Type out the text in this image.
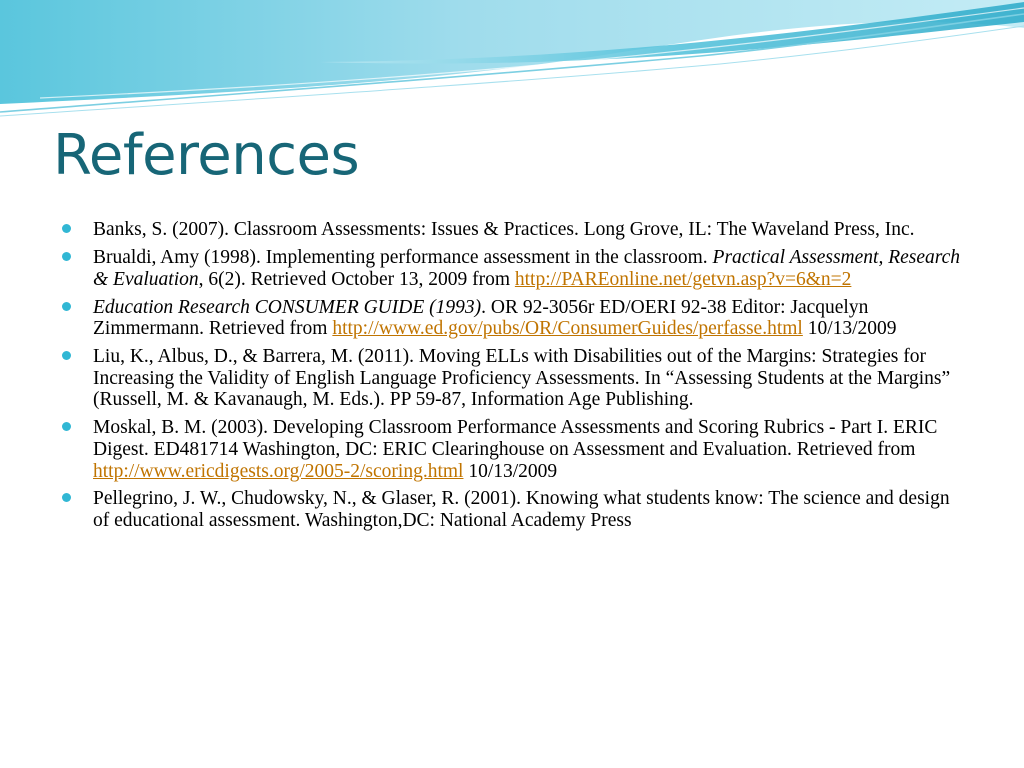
References
Banks, S. (2007). Classroom Assessments: Issues & Practices. Long Grove, IL: The Waveland Press, Inc.
Brualdi, Amy (1998). Implementing performance assessment in the classroom. Practical Assessment, Research & Evaluation, 6(2). Retrieved October 13, 2009 from http://PAREonline.net/getvn.asp?v=6&n=2
Education Research CONSUMER GUIDE (1993). OR 92-3056r ED/OERI 92-38 Editor: Jacquelyn Zimmermann. Retrieved from http://www.ed.gov/pubs/OR/ConsumerGuides/perfasse.html 10/13/2009
Liu, K., Albus, D., & Barrera, M. (2011). Moving ELLs with Disabilities out of the Margins: Strategies for Increasing the Validity of English Language Proficiency Assessments. In “Assessing Students at the Margins” (Russell, M. & Kavanaugh, M. Eds.). PP 59-87, Information Age Publishing.
Moskal, B. M. (2003). Developing Classroom Performance Assessments and Scoring Rubrics - Part I. ERIC Digest. ED481714 Washington, DC: ERIC Clearinghouse on Assessment and Evaluation. Retrieved from http://www.ericdigests.org/2005-2/scoring.html 10/13/2009
Pellegrino, J. W., Chudowsky, N., & Glaser, R. (2001). Knowing what students know: The science and design of educational assessment. Washington,DC: National Academy Press
